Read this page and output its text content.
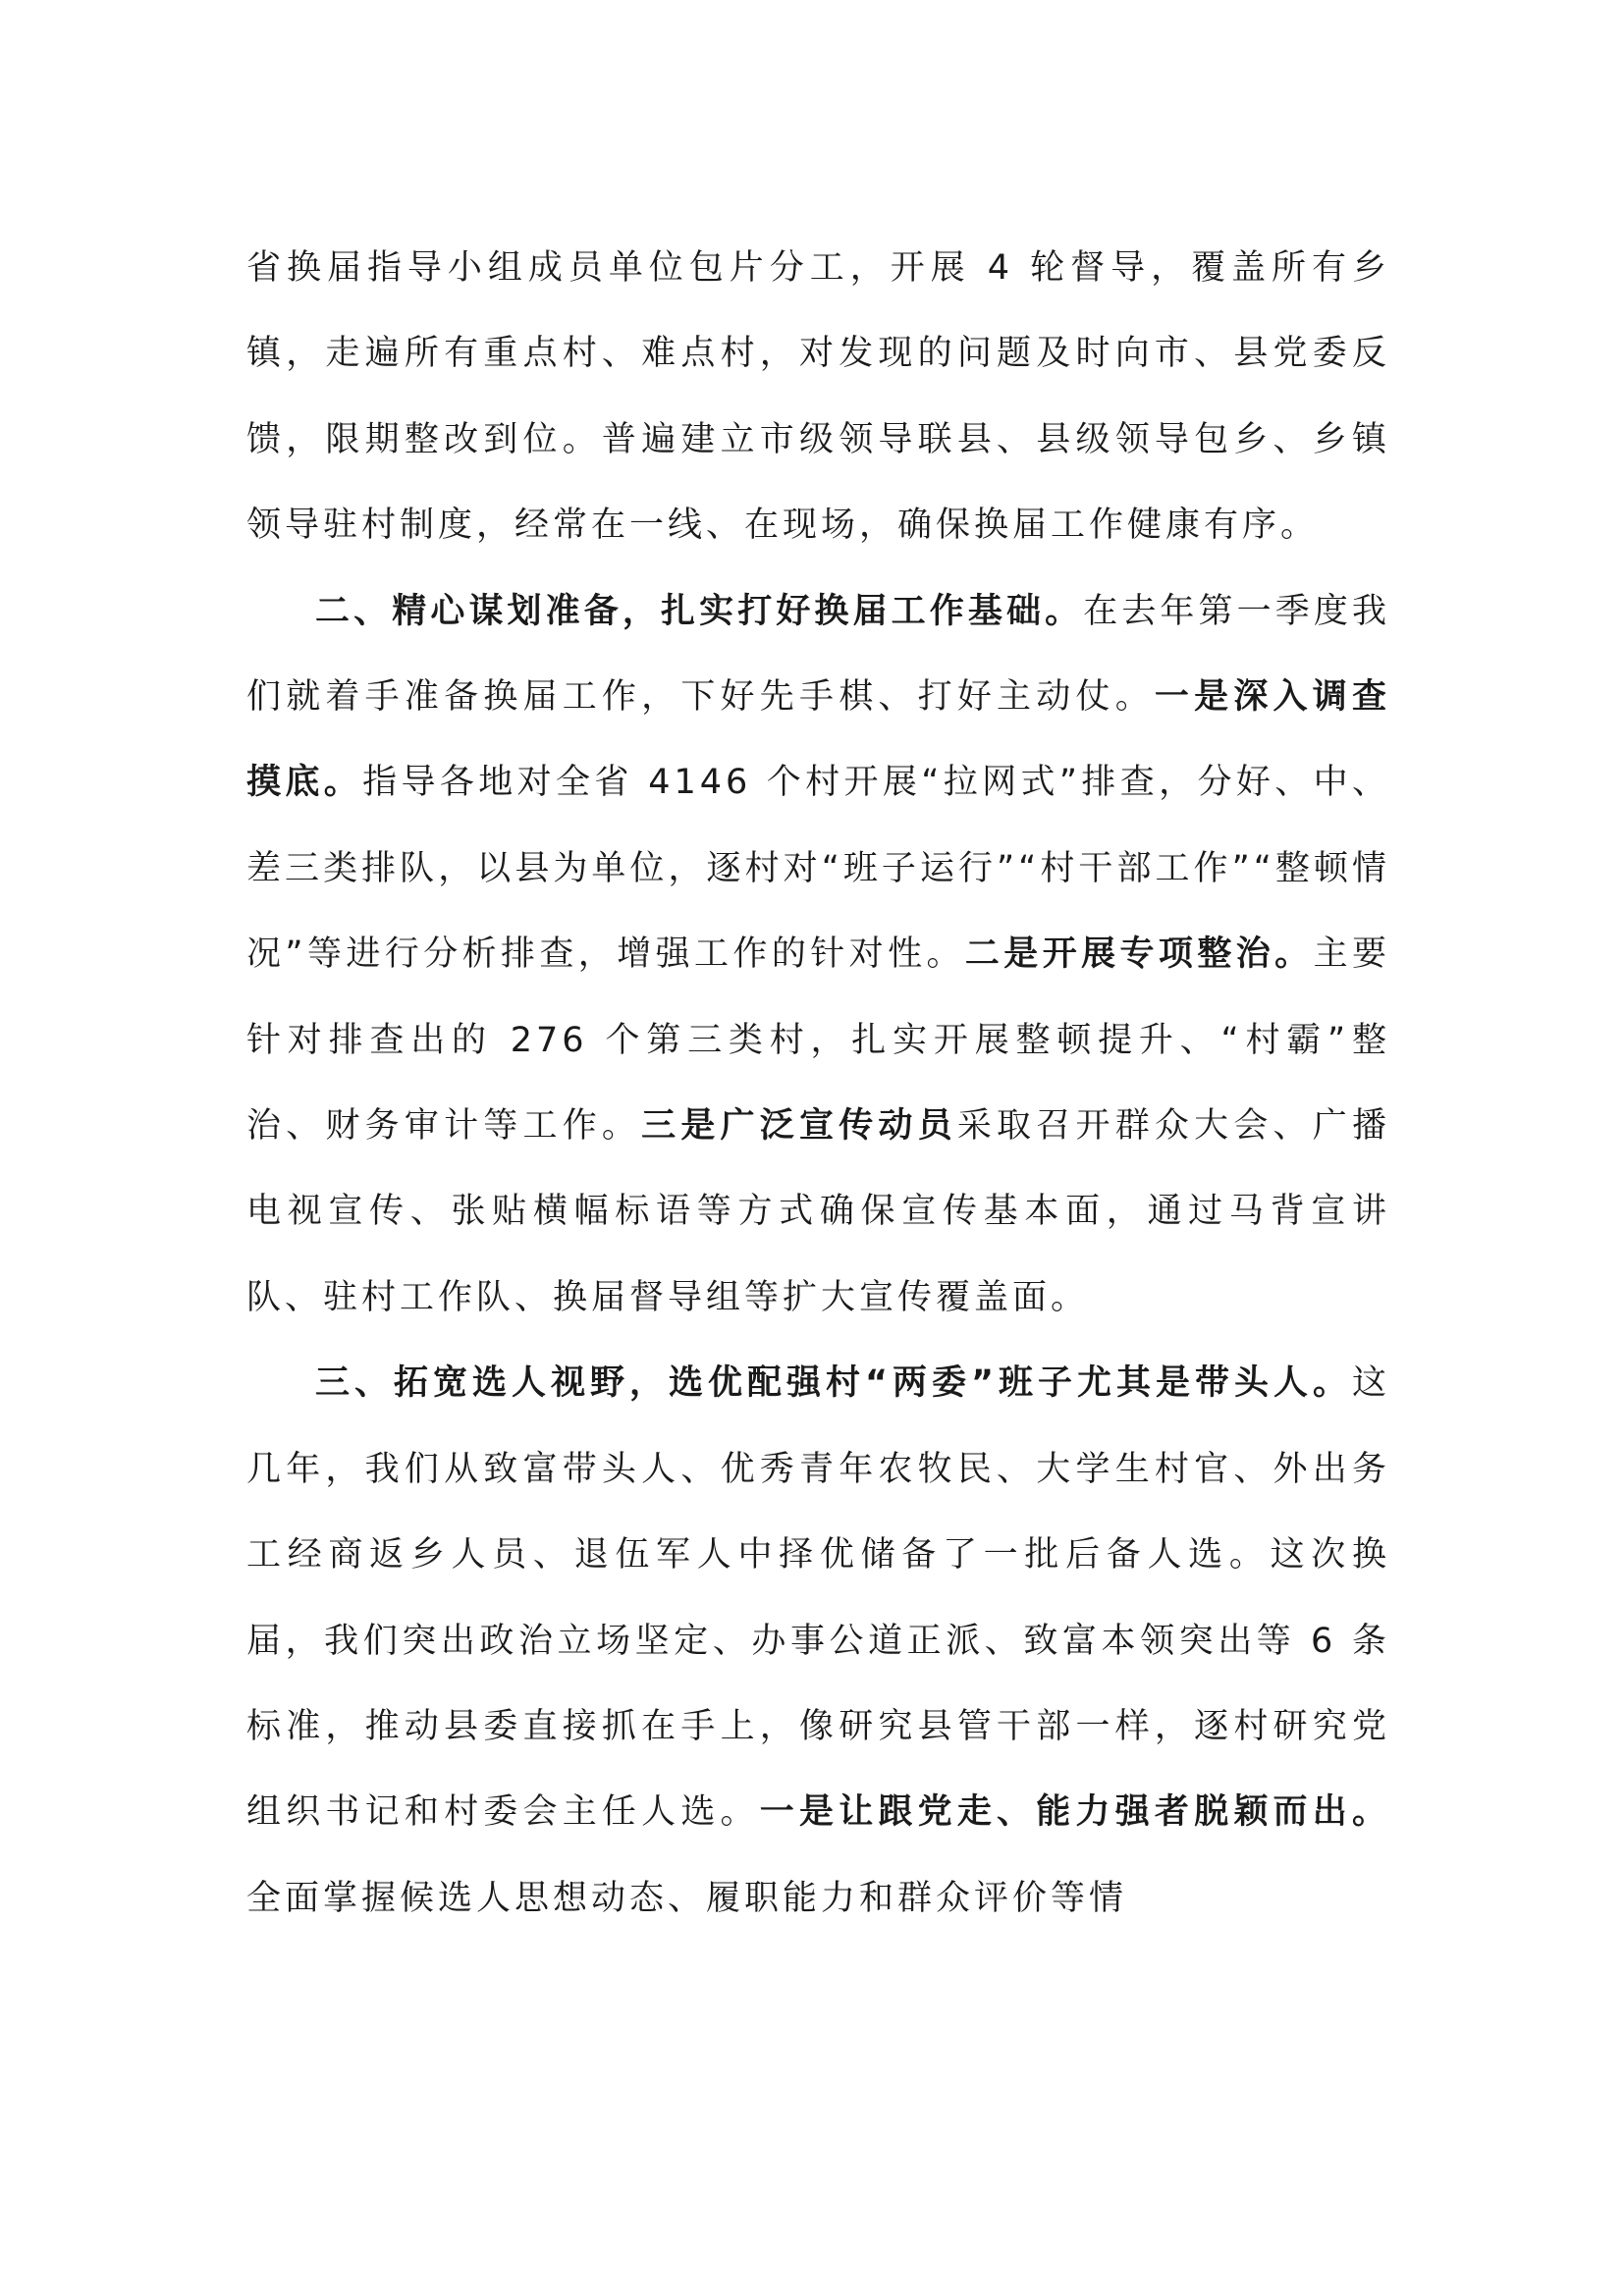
省换届指导小组成员单位包片分工，开展 4 轮督导，覆盖所有乡镇，走遍所有重点村、难点村，对发现的问题及时向市、县党委反馈，限期整改到位。普遍建立市级领导联县、县级领导包乡、乡镇领导驻村制度，经常在一线、在现场，确保换届工作健康有序。

二、精心谋划准备，扎实打好换届工作基础。在去年第一季度我们就着手准备换届工作，下好先手棋、打好主动仗。一是深入调查摸底。指导各地对全省 4146 个村开展“拉网式”排查，分好、中、差三类排队，以县为单位，逐村对“班子运行”“村干部工作”“整顿情况”等进行分析排查，增强工作的针对性。二是开展专项整治。主要针对排查出的 276 个第三类村，扎实开展整顿提升、“村霸”整治、财务审计等工作。三是广泛宣传动员采取召开群众大会、广播电视宣传、张贴横幅标语等方式确保宣传基本面，通过马背宣讲队、驻村工作队、换届督导组等扩大宣传覆盖面。

三、拓宽选人视野，选优配强村“两委”班子尤其是带头人。这几年，我们从致富带头人、优秀青年农牧民、大学生村官、外出务工经商返乡人员、退伍军人中择优储备了一批后备人选。这次换届，我们突出政治立场坚定、办事公道正派、致富本领突出等 6 条标准，推动县委直接抓在手上，像研究县管干部一样，逐村研究党组织书记和村委会主任人选。一是让跟党走、能力强者脱颖而出。全面掌握候选人思想动态、履职能力和群众评价等情
